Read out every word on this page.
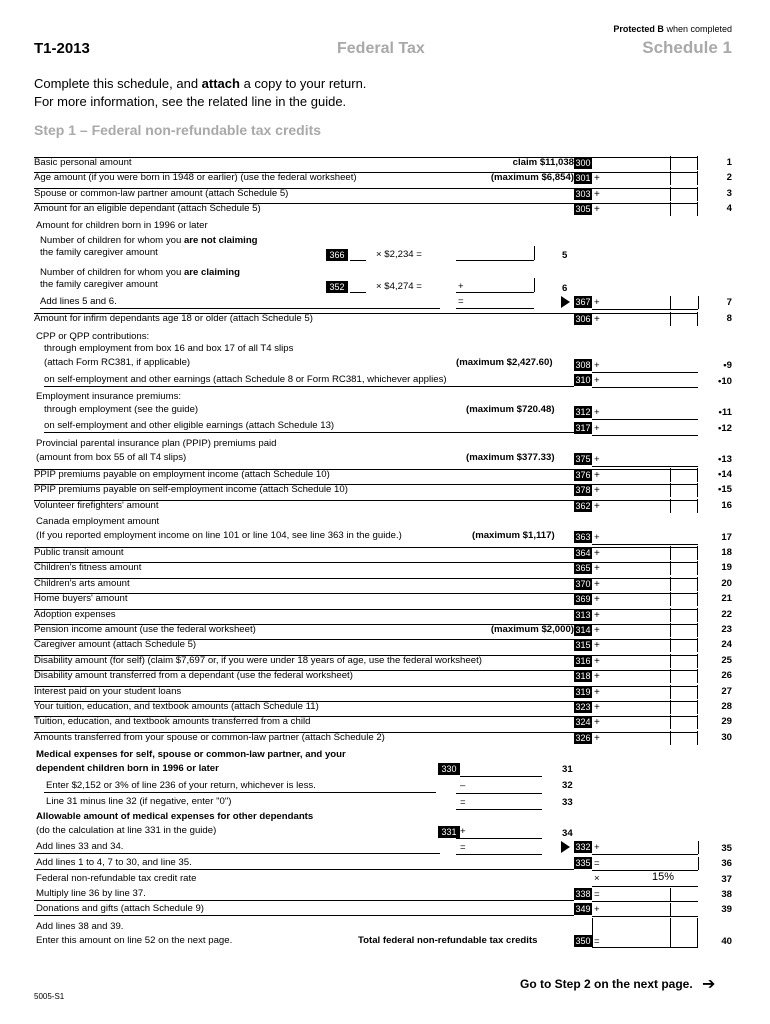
Protected B when completed
T1-2013	Federal Tax	Schedule 1
Complete this schedule, and attach a copy to your return.
For more information, see the related line in the guide.
Step 1 – Federal non-refundable tax credits
Basic personal amount	claim $11,038 300	1
Age amount (if you were born in 1948 or earlier) (use the federal worksheet)	(maximum $6,854) 301 +	2
Spouse or common-law partner amount (attach Schedule 5)	303 +	3
Amount for an eligible dependant (attach Schedule 5)	305 +	4
Amount for children born in 1996 or later
Number of children for whom you are not claiming
the family caregiver amount	366	× $2,234 =	5
Number of children for whom you are claiming
the family caregiver amount	352	× $4,274 =	+	6
Add lines 5 and 6.	=	367 +	7
Amount for infirm dependants age 18 or older (attach Schedule 5)	306 +	8
CPP or QPP contributions:
through employment from box 16 and box 17 of all T4 slips
(attach Form RC381, if applicable)	(maximum $2,427.60)	308 +	•9
on self-employment and other earnings (attach Schedule 8 or Form RC381, whichever applies)	310 +	•10
Employment insurance premiums:
through employment (see the guide)	(maximum $720.48) 312 +	•11
on self-employment and other eligible earnings (attach Schedule 13)	317 +	•12
Provincial parental insurance plan (PPIP) premiums paid
(amount from box 55 of all T4 slips)	(maximum $377.33) 375 +	•13
PPIP premiums payable on employment income (attach Schedule 10)	376 +	•14
PPIP premiums payable on self-employment income (attach Schedule 10)	378 +	•15
Volunteer firefighters' amount	362 +	16
Canada employment amount
(If you reported employment income on line 101 or line 104, see line 363 in the guide.)	(maximum $1,117) 363 +	17
Public transit amount	364 +	18
Children's fitness amount	365 +	19
Children's arts amount	370 +	20
Home buyers' amount	369 +	21
Adoption expenses	313 +	22
Pension income amount (use the federal worksheet)	(maximum $2,000) 314 +	23
Caregiver amount (attach Schedule 5)	315 +	24
Disability amount (for self) (claim $7,697 or, if you were under 18 years of age, use the federal worksheet)	316 +	25
Disability amount transferred from a dependant (use the federal worksheet)	318 +	26
Interest paid on your student loans	319 +	27
Your tuition, education, and textbook amounts (attach Schedule 11)	323 +	28
Tuition, education, and textbook amounts transferred from a child	324 +	29
Amounts transferred from your spouse or common-law partner (attach Schedule 2)	326 +	30
Medical expenses for self, spouse or common-law partner, and your
dependent children born in 1996 or later	330	31
Enter $2,152 or 3% of line 236 of your return, whichever is less.	–	32
Line 31 minus line 32 (if negative, enter "0")	=	33
Allowable amount of medical expenses for other dependants
(do the calculation at line 331 in the guide)	331 +	34
Add lines 33 and 34.	=	332 +	35
Add lines 1 to 4, 7 to 30, and line 35.	335 =	36
Federal non-refundable tax credit rate	×	15%	37
Multiply line 36 by line 37.	338 =	38
Donations and gifts (attach Schedule 9)	349 +	39
Add lines 38 and 39.
Enter this amount on line 52 on the next page.	Total federal non-refundable tax credits	350 =	40
5005-S1
Go to Step 2 on the next page. ➔
